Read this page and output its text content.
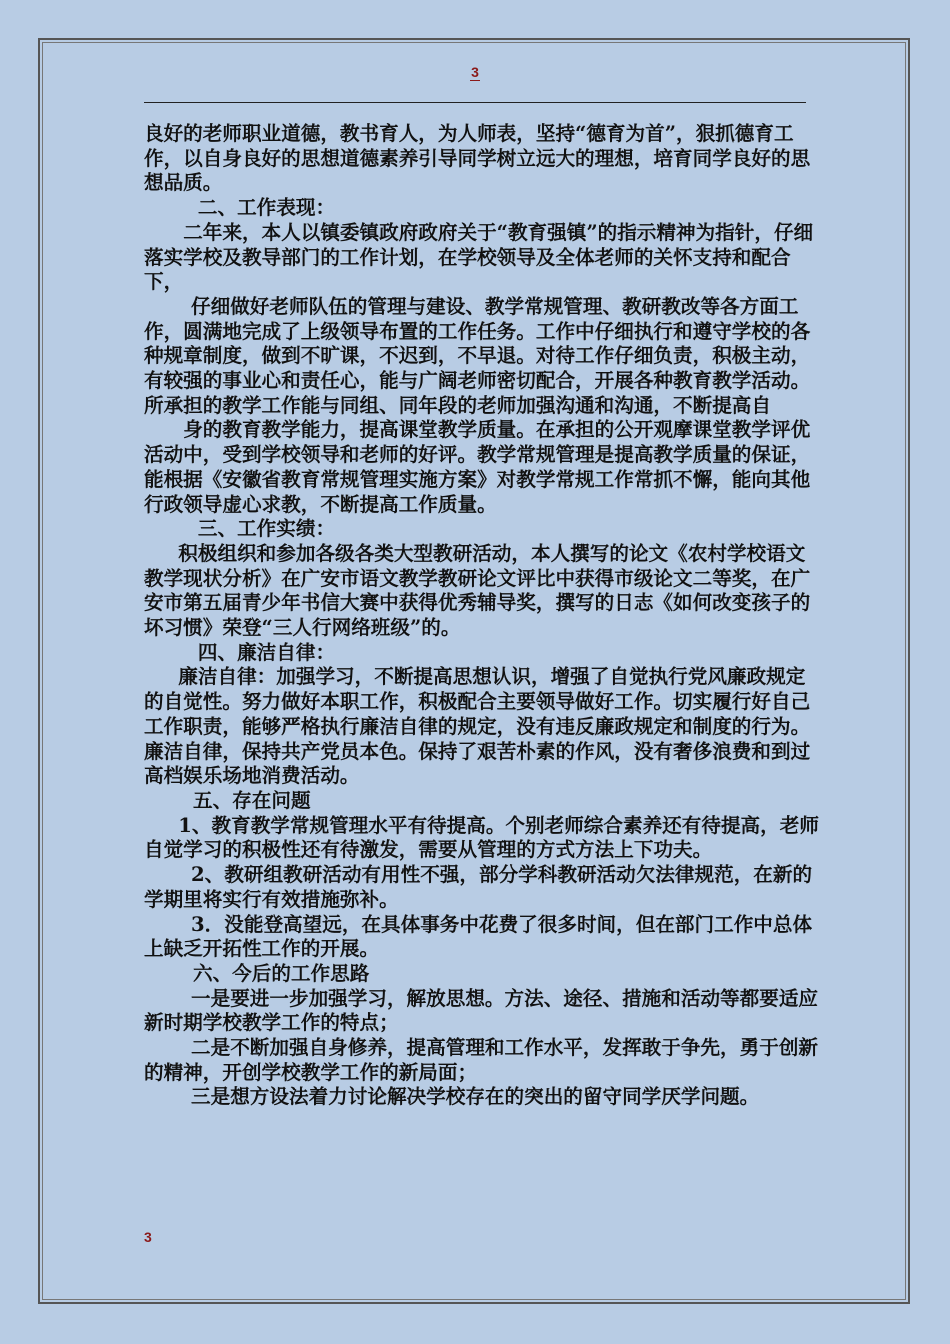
3

良好的老师职业道德，教书育人，为人师表，坚持“德育为首”，狠抓德育工作，以自身良好的思想道德素养引导同学树立远大的理想，培育同学良好的思想品质。

二、工作表现：

二年来，本人以镇委镇政府政府关于“教育强镇”的指示精神为指针，仔细落实学校及教导部门的工作计划，在学校领导及全体老师的关怀支持和配合下，

仔细做好老师队伍的管理与建设、教学常规管理、教研教改等各方面工作，圆满地完成了上级领导布置的工作任务。工作中仔细执行和遵守学校的各种规章制度，做到不旷课，不迟到，不早退。对待工作仔细负责，积极主动，有较强的事业心和责任心，能与广阔老师密切配合，开展各种教育教学活动。所承担的教学工作能与同组、同年段的老师加强沟通和沟通，不断提高自

身的教育教学能力，提高课堂教学质量。在承担的公开观摩课堂教学评优活动中，受到学校领导和老师的好评。教学常规管理是提高教学质量的保证，能根据《安徽省教育常规管理实施方案》对教学常规工作常抓不懈，能向其他行政领导虚心求教，不断提高工作质量。

三、工作实绩：

积极组织和参加各级各类大型教研活动，本人撰写的论文《农村学校语文教学现状分析》在广安市语文教学教研论文评比中获得市级论文二等奖，在广安市第五届青少年书信大赛中获得优秀辅导奖，撰写的日志《如何改变孩子的坏习惯》荣登“三人行网络班级”的。

四、廉洁自律：

廉洁自律：加强学习，不断提高思想认识，增强了自觉执行党风廉政规定的自觉性。努力做好本职工作，积极配合主要领导做好工作。切实履行好自己工作职责，能够严格执行廉洁自律的规定，没有违反廉政规定和制度的行为。廉洁自律，保持共产党员本色。保持了艰苦朴素的作风，没有奢侈浪费和到过高档娱乐场地消费活动。

五、存在问题

1、教育教学常规管理水平有待提高。个别老师综合素养还有待提高，老师自觉学习的积极性还有待激发，需要从管理的方式方法上下功夫。

2、教研组教研活动有用性不强，部分学科教研活动欠法律规范，在新的学期里将实行有效措施弥补。

3．没能登高望远，在具体事务中花费了很多时间，但在部门工作中总体上缺乏开拓性工作的开展。

六、今后的工作思路

一是要进一步加强学习，解放思想。方法、途径、措施和活动等都要适应新时期学校教学工作的特点；

二是不断加强自身修养，提高管理和工作水平，发挥敢于争先，勇于创新的精神，开创学校教学工作的新局面；

三是想方设法着力讨论解决学校存在的突出的留守同学厌学问题。

3
